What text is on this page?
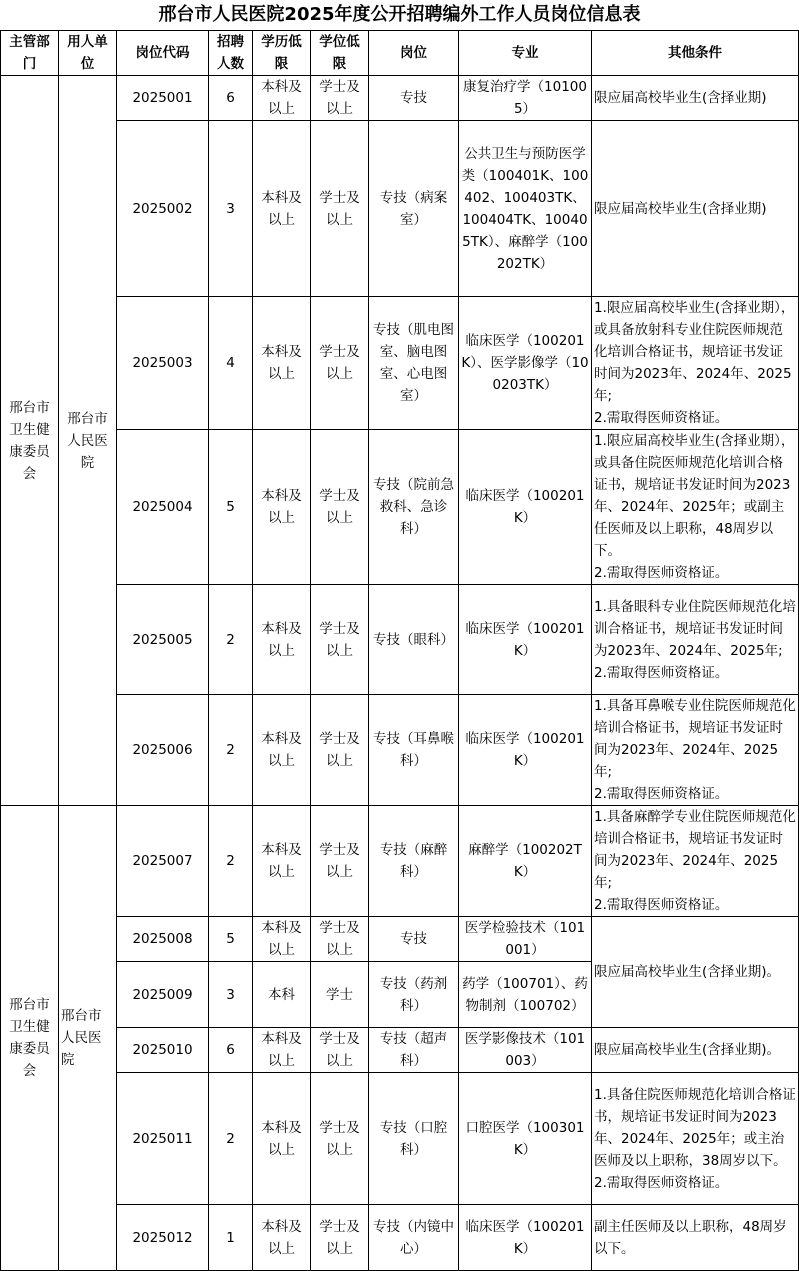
邢台市人民医院2025年度公开招聘编外工作人员岗位信息表
主管部门	用人单位	岗位代码	招聘人数	学历低限	学位低限	岗位	专业	其他条件
邢台市卫生健康委员会	邢台市人民医院	2025001	6	本科及以上	学士及以上	专技	康复治疗学（101005）	限应届高校毕业生(含择业期)
		2025002	3	本科及以上	学士及以上	专技（病案室）	公共卫生与预防医学类（100401K、100402、100403TK、100404TK、100405TK）、麻醉学（100202TK）	限应届高校毕业生(含择业期)
		2025003	4	本科及以上	学士及以上	专技（肌电图室、脑电图室、心电图室）	临床医学（100201K）、医学影像学（100203TK）	1.限应届高校毕业生(含择业期），或具备放射科专业住院医师规范化培训合格证书，规培证书发证时间为2023年、2024年、2025年;
2.需取得医师资格证。
		2025004	5	本科及以上	学士及以上	专技（院前急救科、急诊科）	临床医学（100201K）	1.限应届高校毕业生(含择业期），或具备住院医师规范化培训合格证书，规培证书发证时间为2023年、2024年、2025年；或副主任医师及以上职称，48周岁以下。
2.需取得医师资格证。
		2025005	2	本科及以上	学士及以上	专技（眼科）	临床医学（100201K）	1.具备眼科专业住院医师规范化培训合格证书，规培证书发证时间为2023年、2024年、2025年;
2.需取得医师资格证。
		2025006	2	本科及以上	学士及以上	专技（耳鼻喉科）	临床医学（100201K）	1.具备耳鼻喉专业住院医师规范化培训合格证书，规培证书发证时间为2023年、2024年、2025年;
2.需取得医师资格证。
邢台市卫生健康委员会	邢台市人民医院	2025007	2	本科及以上	学士及以上	专技（麻醉科）	麻醉学（100202TK）	1.具备麻醉学专业住院医师规范化培训合格证书，规培证书发证时间为2023年、2024年、2025年;
2.需取得医师资格证。
		2025008	5	本科及以上	学士及以上	专技	医学检验技术（101001）	限应届高校毕业生(含择业期)。
		2025009	3	本科	学士	专技（药剂科）	药学（100701）、药物制剂（100702）	
		2025010	6	本科及以上	学士及以上	专技（超声科）	医学影像技术（101003）	限应届高校毕业生(含择业期)。
		2025011	2	本科及以上	学士及以上	专技（口腔科）	口腔医学（100301K）	1.具备住院医师规范化培训合格证书，规培证书发证时间为2023年、2024年、2025年；或主治医师及以上职称，38周岁以下。
2.需取得医师资格证。
		2025012	1	本科及以上	学士及以上	专技（内镜中心）	临床医学（100201K）	副主任医师及以上职称，48周岁以下。
